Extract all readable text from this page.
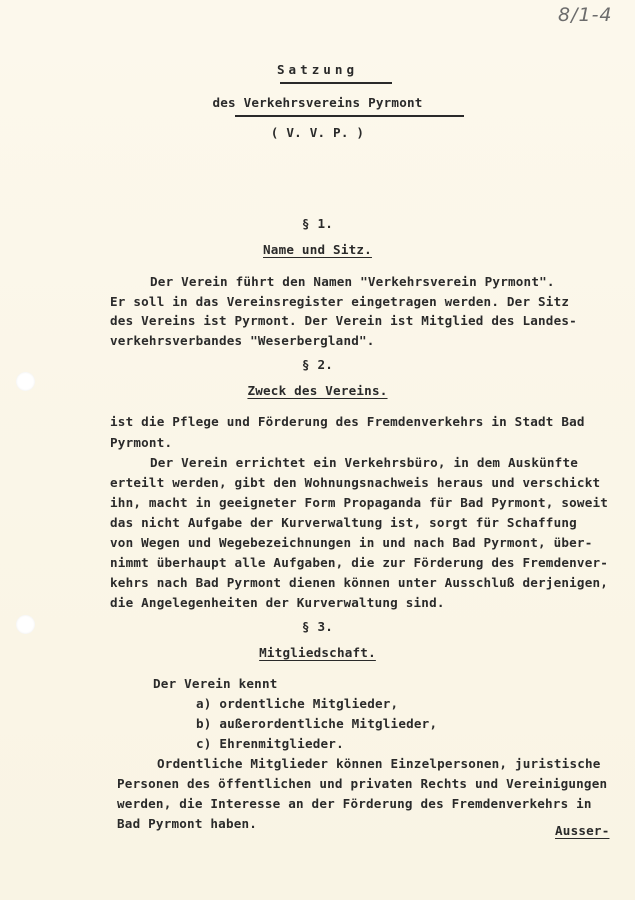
8/1-4
Satzung
des Verkehrsvereins Pyrmont
( V. V. P. )
§ 1.
Name und Sitz.
Der Verein führt den Namen "Verkehrsverein Pyrmont".
Er soll in das Vereinsregister eingetragen werden. Der Sitz
des Vereins ist Pyrmont. Der Verein ist Mitglied des Landes-
verkehrsverbandes "Weserbergland".
§ 2.
Zweck des Vereins.
ist die Pflege und Förderung des Fremdenverkehrs in Stadt Bad
Pyrmont.
Der Verein errichtet ein Verkehrsbüro, in dem Auskünfte
erteilt werden, gibt den Wohnungsnachweis heraus und verschickt
ihn, macht in geeigneter Form Propaganda für Bad Pyrmont, soweit
das nicht Aufgabe der Kurverwaltung ist, sorgt für Schaffung
von Wegen und Wegebezeichnungen in und nach Bad Pyrmont, über-
nimmt überhaupt alle Aufgaben, die zur Förderung des Fremdenver-
kehrs nach Bad Pyrmont dienen können unter Ausschluß derjenigen,
die Angelegenheiten der Kurverwaltung sind.
§ 3.
Mitgliedschaft.
Der Verein kennt
a) ordentliche Mitglieder,
b) außerordentliche Mitglieder,
c) Ehrenmitglieder.
Ordentliche Mitglieder können Einzelpersonen, juristische
Personen des öffentlichen und privaten Rechts und Vereinigungen
werden, die Interesse an der Förderung des Fremdenverkehrs in
Bad Pyrmont haben.	Ausser-
